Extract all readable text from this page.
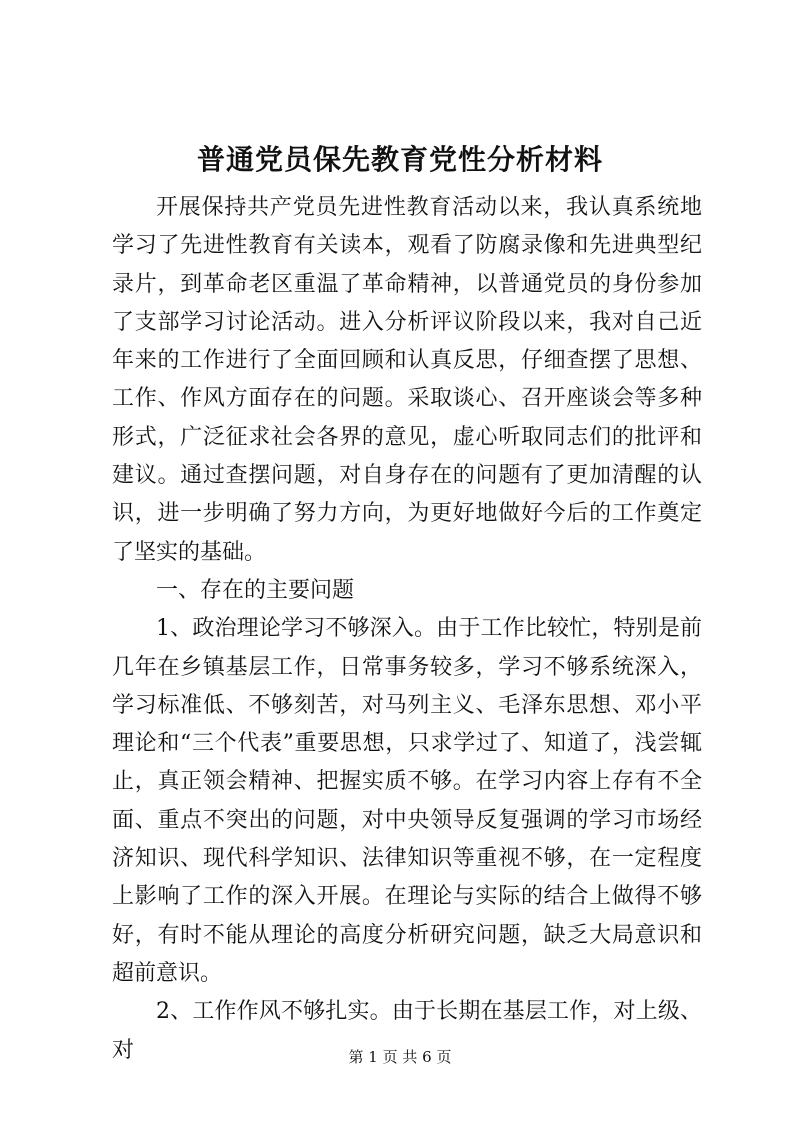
普通党员保先教育党性分析材料

开展保持共产党员先进性教育活动以来，我认真系统地学习了先进性教育有关读本，观看了防腐录像和先进典型纪录片，到革命老区重温了革命精神，以普通党员的身份参加了支部学习讨论活动。进入分析评议阶段以来，我对自己近年来的工作进行了全面回顾和认真反思，仔细查摆了思想、工作、作风方面存在的问题。采取谈心、召开座谈会等多种形式，广泛征求社会各界的意见，虚心听取同志们的批评和建议。通过查摆问题，对自身存在的问题有了更加清醒的认识，进一步明确了努力方向，为更好地做好今后的工作奠定了坚实的基础。

一、存在的主要问题

1、政治理论学习不够深入。由于工作比较忙，特别是前几年在乡镇基层工作，日常事务较多，学习不够系统深入，学习标准低、不够刻苦，对马列主义、毛泽东思想、邓小平理论和“三个代表”重要思想，只求学过了、知道了，浅尝辄止，真正领会精神、把握实质不够。在学习内容上存有不全面、重点不突出的问题，对中央领导反复强调的学习市场经济知识、现代科学知识、法律知识等重视不够，在一定程度上影响了工作的深入开展。在理论与实际的结合上做得不够好，有时不能从理论的高度分析研究问题，缺乏大局意识和超前意识。

2、工作作风不够扎实。由于长期在基层工作，对上级、对	第 1 页 共 6 页
